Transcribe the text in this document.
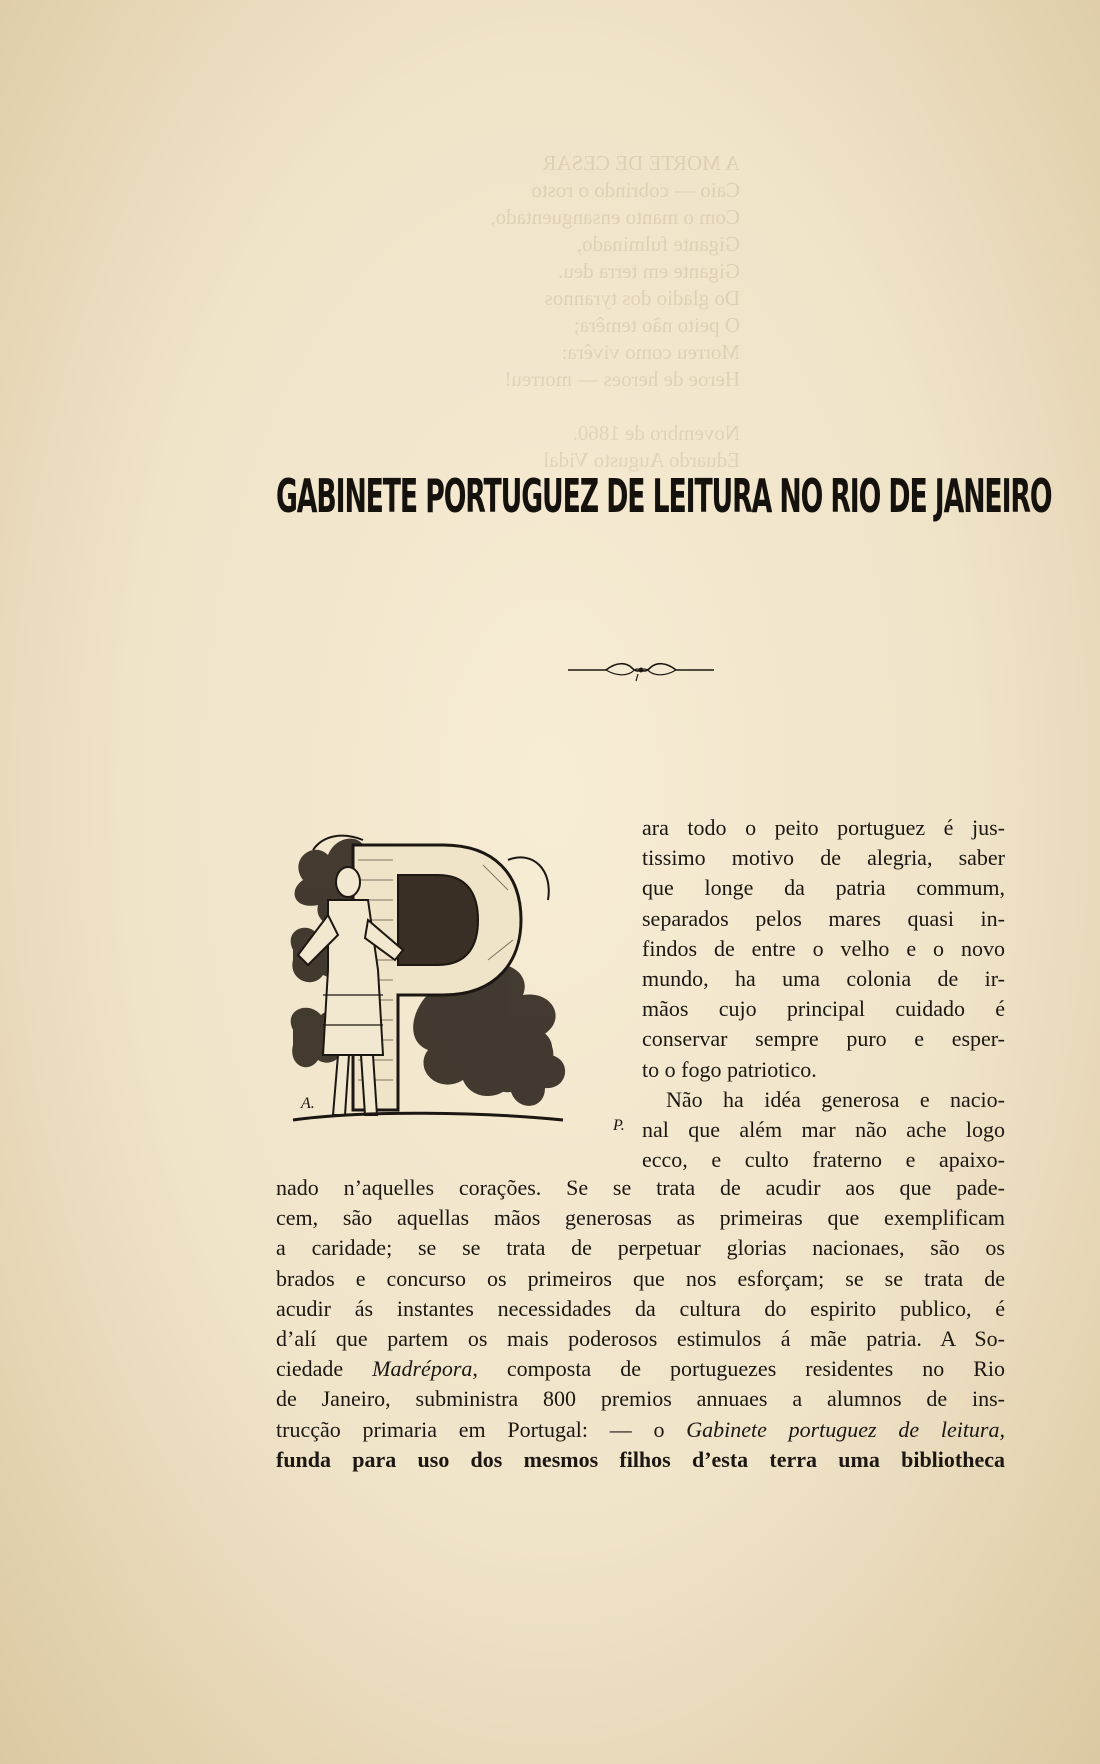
A MORTE DE CESAR
Caio — cobrindo o rosto
Com o manto ensanguentado,
Gigante fulminado,
Gigante em terra deu.
Do gladio dos tyrannos
O peito não temêra;
Morreu como vivêra:
Heroe de heroes — morreu!
Novembro de 1860.
Eduardo Augusto Vidal
GABINETE PORTUGUEZ DE LEITURA NO RIO DE JANEIRO
A.
P.
ara todo o peito portuguez é jus-
tissimo motivo de alegria, saber
que longe da patria commum,
separados pelos mares quasi in-
findos de entre o velho e o novo
mundo, ha uma colonia de ir-
mãos cujo principal cuidado é
conservar sempre puro e esper-
to o fogo patriotico.
Não ha idéa generosa e nacio-
nal que além mar não ache logo
ecco, e culto fraterno e apaixo-
nado n’aquelles corações. Se se trata de acudir aos que pade-
cem, são aquellas mãos generosas as primeiras que exemplificam
a caridade; se se trata de perpetuar glorias nacionaes, são os
brados e concurso os primeiros que nos esforçam; se se trata de
acudir ás instantes necessidades da cultura do espirito publico, é
d’alí que partem os mais poderosos estimulos á mãe patria. A So-
ciedade Madrépora, composta de portuguezes residentes no Rio
de Janeiro, subministra 800 premios annuaes a alumnos de ins-
trucção primaria em Portugal: — o Gabinete portuguez de leitura,
funda para uso dos mesmos filhos d’esta terra uma bibliotheca
